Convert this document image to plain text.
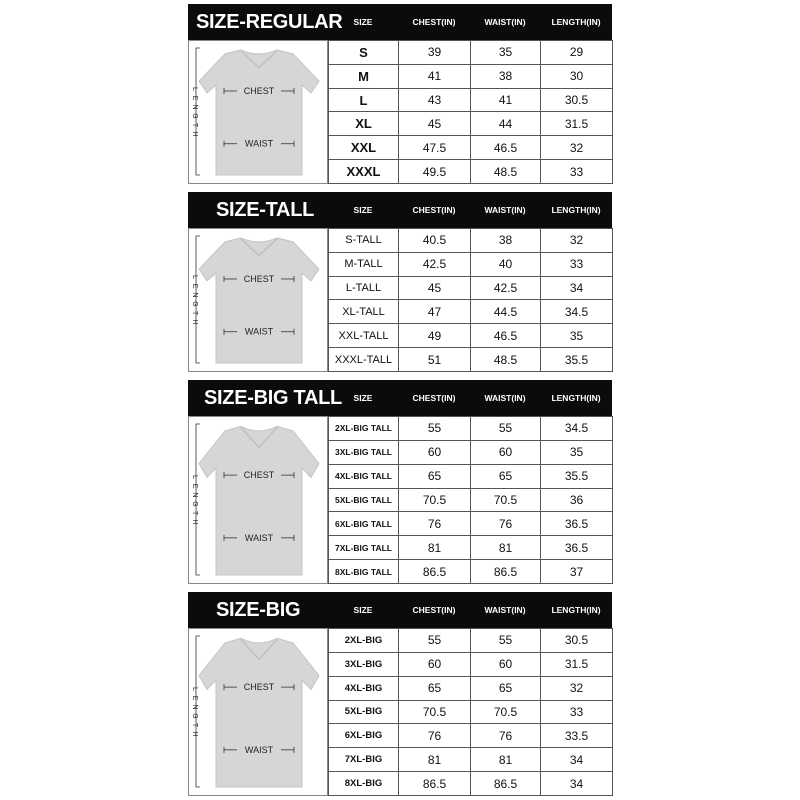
SIZE-REGULAR	SIZE	CHEST(IN)	WAIST(IN)	LENGTH(IN)
L
E
N
G
T
H
CHEST
WAIST
S	39	35	29
M	41	38	30
L	43	41	30.5
XL	45	44	31.5
XXL	47.5	46.5	32
XXXL	49.5	48.5	33
SIZE-TALL	SIZE	CHEST(IN)	WAIST(IN)	LENGTH(IN)
L
E
N
G
T
H
CHEST
WAIST
S-TALL	40.5	38	32
M-TALL	42.5	40	33
L-TALL	45	42.5	34
XL-TALL	47	44.5	34.5
XXL-TALL	49	46.5	35
XXXL-TALL	51	48.5	35.5
SIZE-BIG TALL	SIZE	CHEST(IN)	WAIST(IN)	LENGTH(IN)
L
E
N
G
T
H
CHEST
WAIST
2XL-BIG TALL	55	55	34.5
3XL-BIG TALL	60	60	35
4XL-BIG TALL	65	65	35.5
5XL-BIG TALL	70.5	70.5	36
6XL-BIG TALL	76	76	36.5
7XL-BIG TALL	81	81	36.5
8XL-BIG TALL	86.5	86.5	37
SIZE-BIG	SIZE	CHEST(IN)	WAIST(IN)	LENGTH(IN)
L
E
N
G
T
H
CHEST
WAIST
2XL-BIG	55	55	30.5
3XL-BIG	60	60	31.5
4XL-BIG	65	65	32
5XL-BIG	70.5	70.5	33
6XL-BIG	76	76	33.5
7XL-BIG	81	81	34
8XL-BIG	86.5	86.5	34
